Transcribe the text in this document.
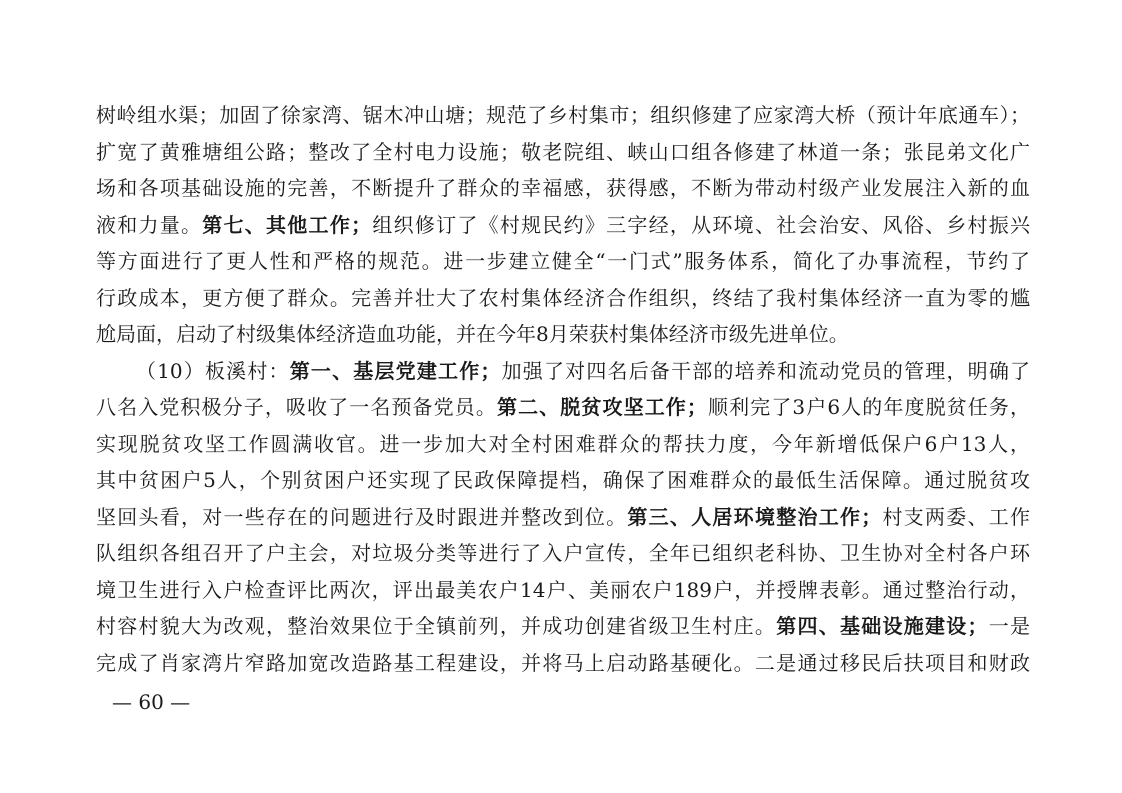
树岭组水渠；加固了徐家湾、锯木冲山塘；规范了乡村集市；组织修建了应家湾大桥（预计年底通车）；
扩宽了黄雅塘组公路；整改了全村电力设施；敬老院组、峡山口组各修建了林道一条；张昆弟文化广
场和各项基础设施的完善，不断提升了群众的幸福感，获得感，不断为带动村级产业发展注入新的血
液和力量。第七、其他工作；组织修订了《村规民约》三字经，从环境、社会治安、风俗、乡村振兴
等方面进行了更人性和严格的规范。进一步建立健全“一门式”服务体系，简化了办事流程，节约了
行政成本，更方便了群众。完善并壮大了农村集体经济合作组织，终结了我村集体经济一直为零的尴
尬局面，启动了村级集体经济造血功能，并在今年8月荣获村集体经济市级先进单位。
（10）板溪村：第一、基层党建工作；加强了对四名后备干部的培养和流动党员的管理，明确了
八名入党积极分子，吸收了一名预备党员。第二、脱贫攻坚工作；顺利完了3户6人的年度脱贫任务，
实现脱贫攻坚工作圆满收官。进一步加大对全村困难群众的帮扶力度，今年新增低保户6户13人，
其中贫困户5人，个别贫困户还实现了民政保障提档，确保了困难群众的最低生活保障。通过脱贫攻
坚回头看，对一些存在的问题进行及时跟进并整改到位。第三、人居环境整治工作；村支两委、工作
队组织各组召开了户主会，对垃圾分类等进行了入户宣传，全年已组织老科协、卫生协对全村各户环
境卫生进行入户检查评比两次，评出最美农户14户、美丽农户189户，并授牌表彰。通过整治行动，
村容村貌大为改观，整治效果位于全镇前列，并成功创建省级卫生村庄。第四、基础设施建设；一是
完成了肖家湾片窄路加宽改造路基工程建设，并将马上启动路基硬化。二是通过移民后扶项目和财政
— 60 —
